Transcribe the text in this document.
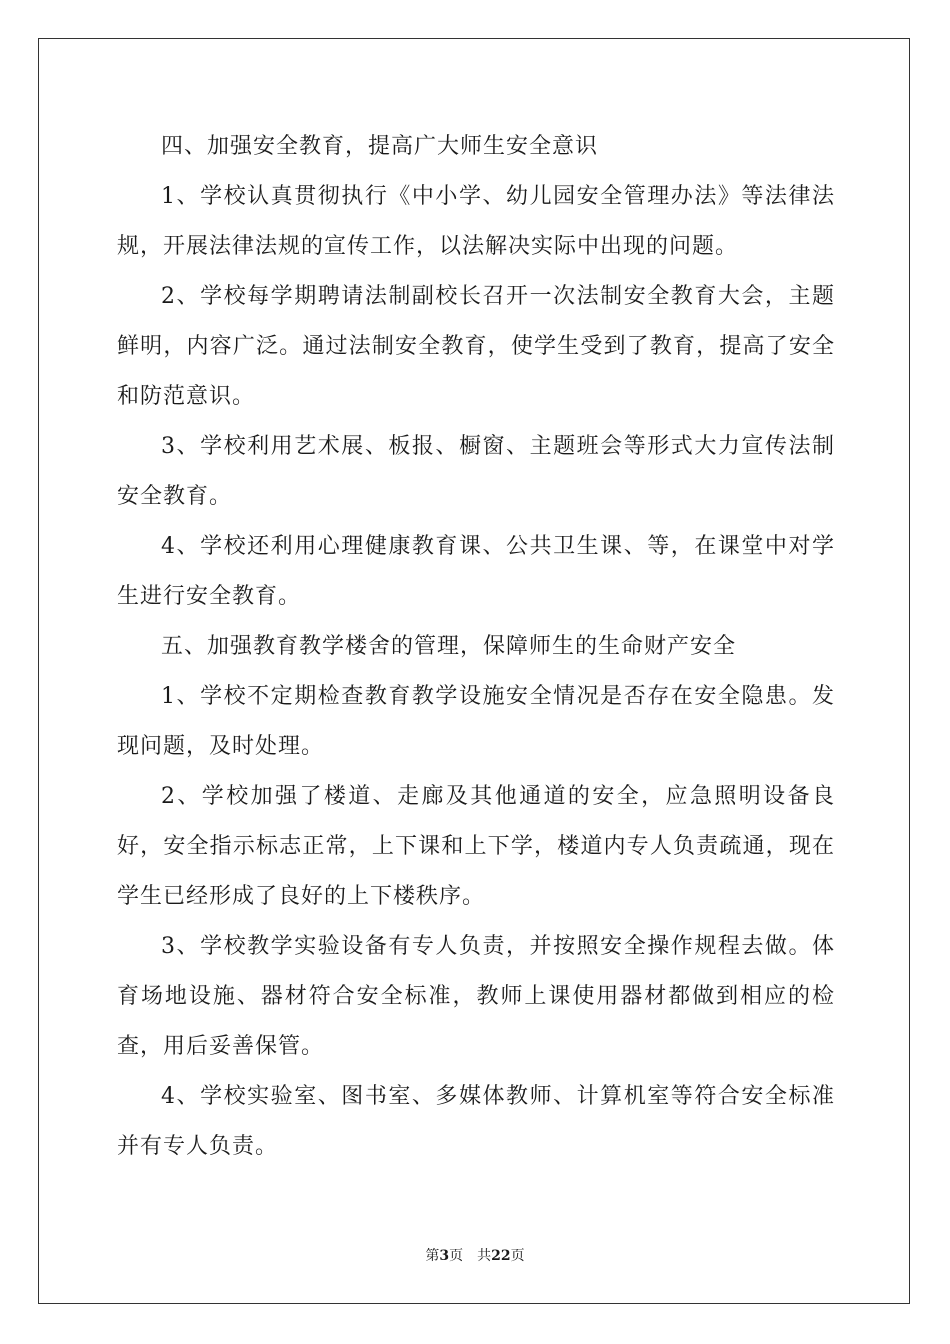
四、加强安全教育，提高广大师生安全意识

1、学校认真贯彻执行《中小学、幼儿园安全管理办法》等法律法规，开展法律法规的宣传工作，以法解决实际中出现的问题。

2、学校每学期聘请法制副校长召开一次法制安全教育大会，主题鲜明，内容广泛。通过法制安全教育，使学生受到了教育，提高了安全和防范意识。

3、学校利用艺术展、板报、橱窗、主题班会等形式大力宣传法制安全教育。

4、学校还利用心理健康教育课、公共卫生课、等，在课堂中对学生进行安全教育。

五、加强教育教学楼舍的管理，保障师生的生命财产安全

1、学校不定期检查教育教学设施安全情况是否存在安全隐患。发现问题，及时处理。

2、学校加强了楼道、走廊及其他通道的安全，应急照明设备良好，安全指示标志正常，上下课和上下学，楼道内专人负责疏通，现在学生已经形成了良好的上下楼秩序。

3、学校教学实验设备有专人负责，并按照安全操作规程去做。体育场地设施、器材符合安全标准，教师上课使用器材都做到相应的检查，用后妥善保管。

4、学校实验室、图书室、多媒体教师、计算机室等符合安全标准并有专人负责。

第3页 共22页
